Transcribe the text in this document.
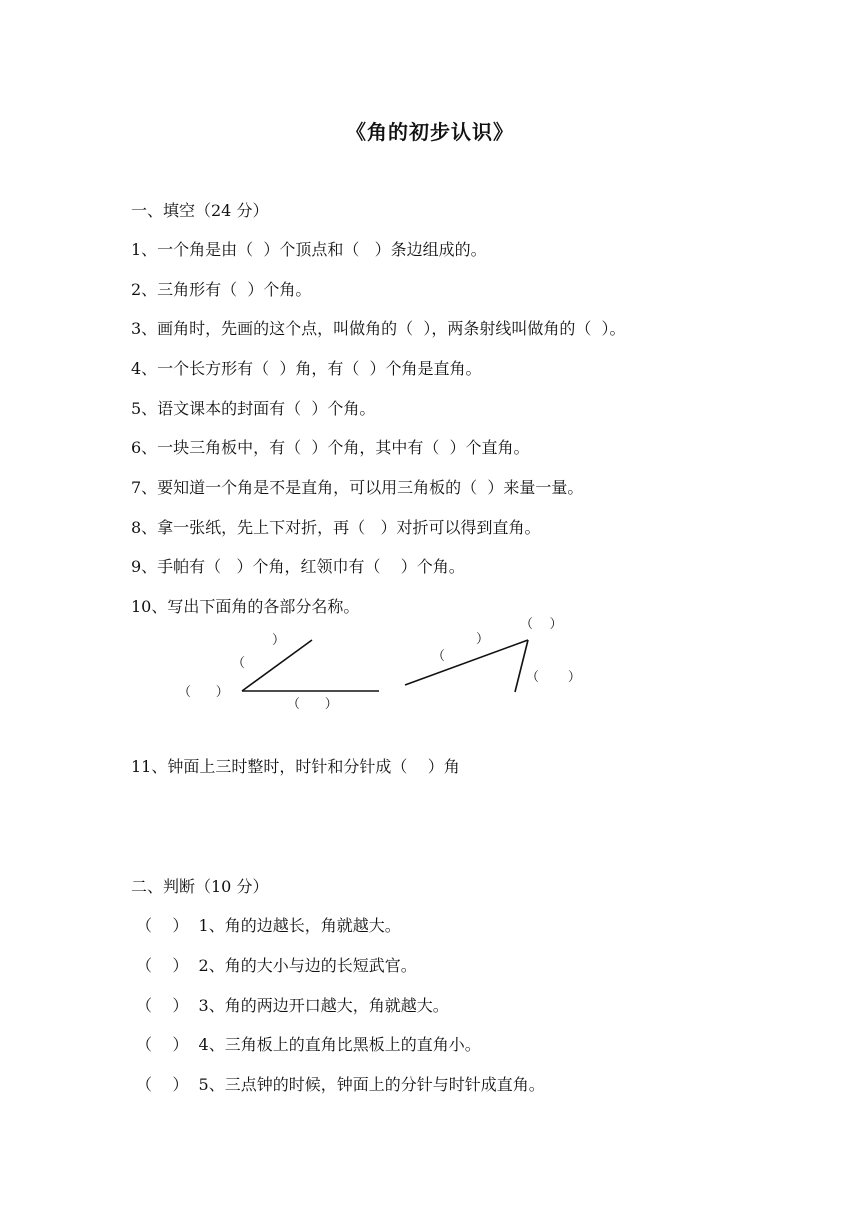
《角的初步认识》
一、填空（24 分）
1、一个角是由（  ）个顶点和（   ）条边组成的。
2、三角形有（  ）个角。
3、画角时，先画的这个点，叫做角的（  ），两条射线叫做角的（  ）。
4、一个长方形有（  ）角，有（  ）个角是直角。
5、语文课本的封面有（  ）个角。
6、一块三角板中，有（  ）个角，其中有（  ）个直角。
7、要知道一个角是不是直角，可以用三角板的（  ）来量一量。
8、拿一张纸，先上下对折，再（   ）对折可以得到直角。
9、手帕有（   ）个角，红领巾有（    ）个角。
10、写出下面角的各部分名称。
（      ）
（
）
（      ）
（
）
（    ）
（       ）
11、钟面上三时整时，时针和分针成（    ）角
二、判断（10 分）
（    ）  1、角的边越长，角就越大。
（    ）  2、角的大小与边的长短武官。
（    ）  3、角的两边开口越大，角就越大。
（    ）  4、三角板上的直角比黑板上的直角小。
（    ）  5、三点钟的时候，钟面上的分针与时针成直角。
